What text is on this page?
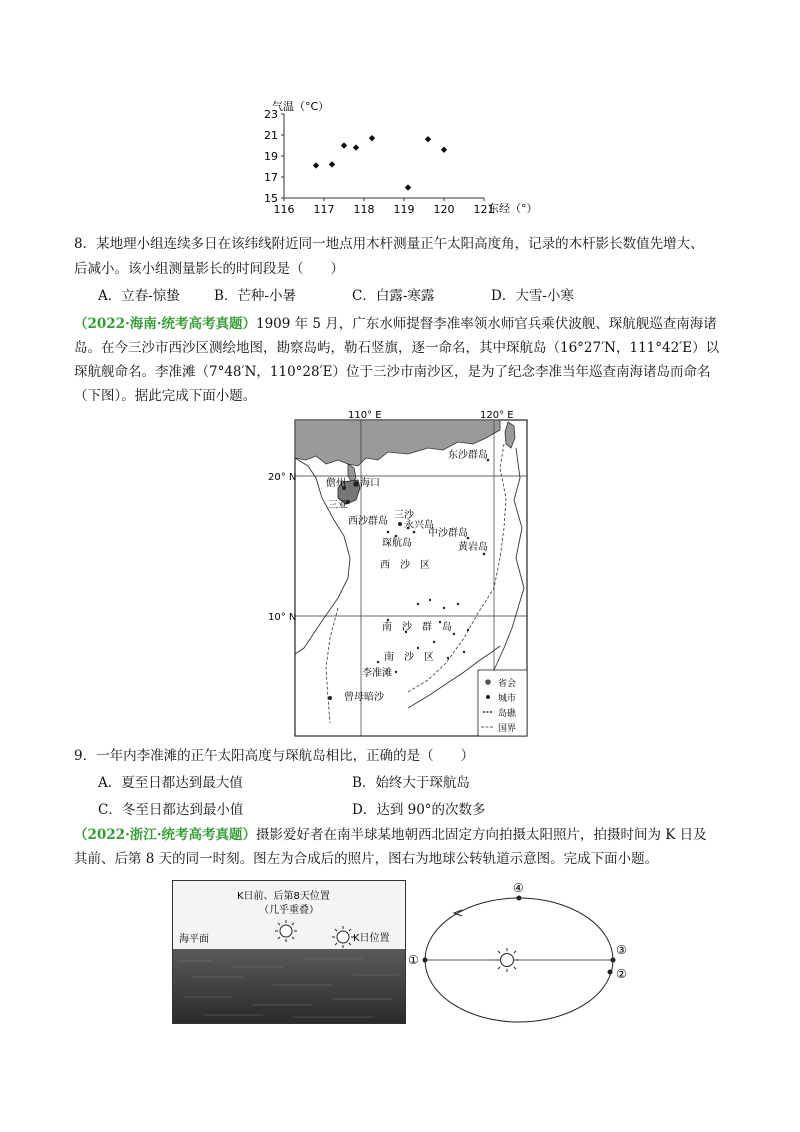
气温（°C）
15
17
19
21
23
116 117 118 119 120 121
东经（°）
8．某地理小组连续多日在该纬线附近同一地点用木杆测量正午太阳高度角，记录的木杆影长数值先增大、
后减小。该小组测量影长的时间段是（　　）
A．立春-惊蛰	B．芒种-小暑	C．白露-寒露	D．大雪-小寒
（2022·海南·统考高考真题）1909 年 5 月，广东水师提督李准率领水师官兵乘伏波舰、琛航舰巡查南海诸
岛。在今三沙市西沙区测绘地图，勘察岛屿，勒石竖旗，逐一命名，其中琛航岛（16°27′N，111°42′E）以
琛航舰命名。李准滩（7°48′N，110°28′E）位于三沙市南沙区，是为了纪念李准当年巡查南海诸岛而命名
（下图）。据此完成下面小题。
110° E	120° E
20° N
10° N
儋州 海口
三亚
东沙群岛
三沙
西沙群岛 永兴岛
中沙群岛
琛航岛	黄岩岛
西　沙　区
南　沙　群　岛
南　沙　区
李准滩
曾母暗沙
省会
城市
岛礁
国界
9．一年内李准滩的正午太阳高度与琛航岛相比，正确的是（　　）
A．夏至日都达到最大值	B．始终大于琛航岛
C．冬至日都达到最小值	D．达到 90°的次数多
（2022·浙江·统考高考真题）摄影爱好者在南半球某地朝西北固定方向拍摄太阳照片，拍摄时间为 K 日及
其前、后第 8 天的同一时刻。图左为合成后的照片，图右为地球公转轨道示意图。完成下面小题。
K日前、后第8天位置
（几乎重叠）
海平面	K日位置
①
③
②
④
